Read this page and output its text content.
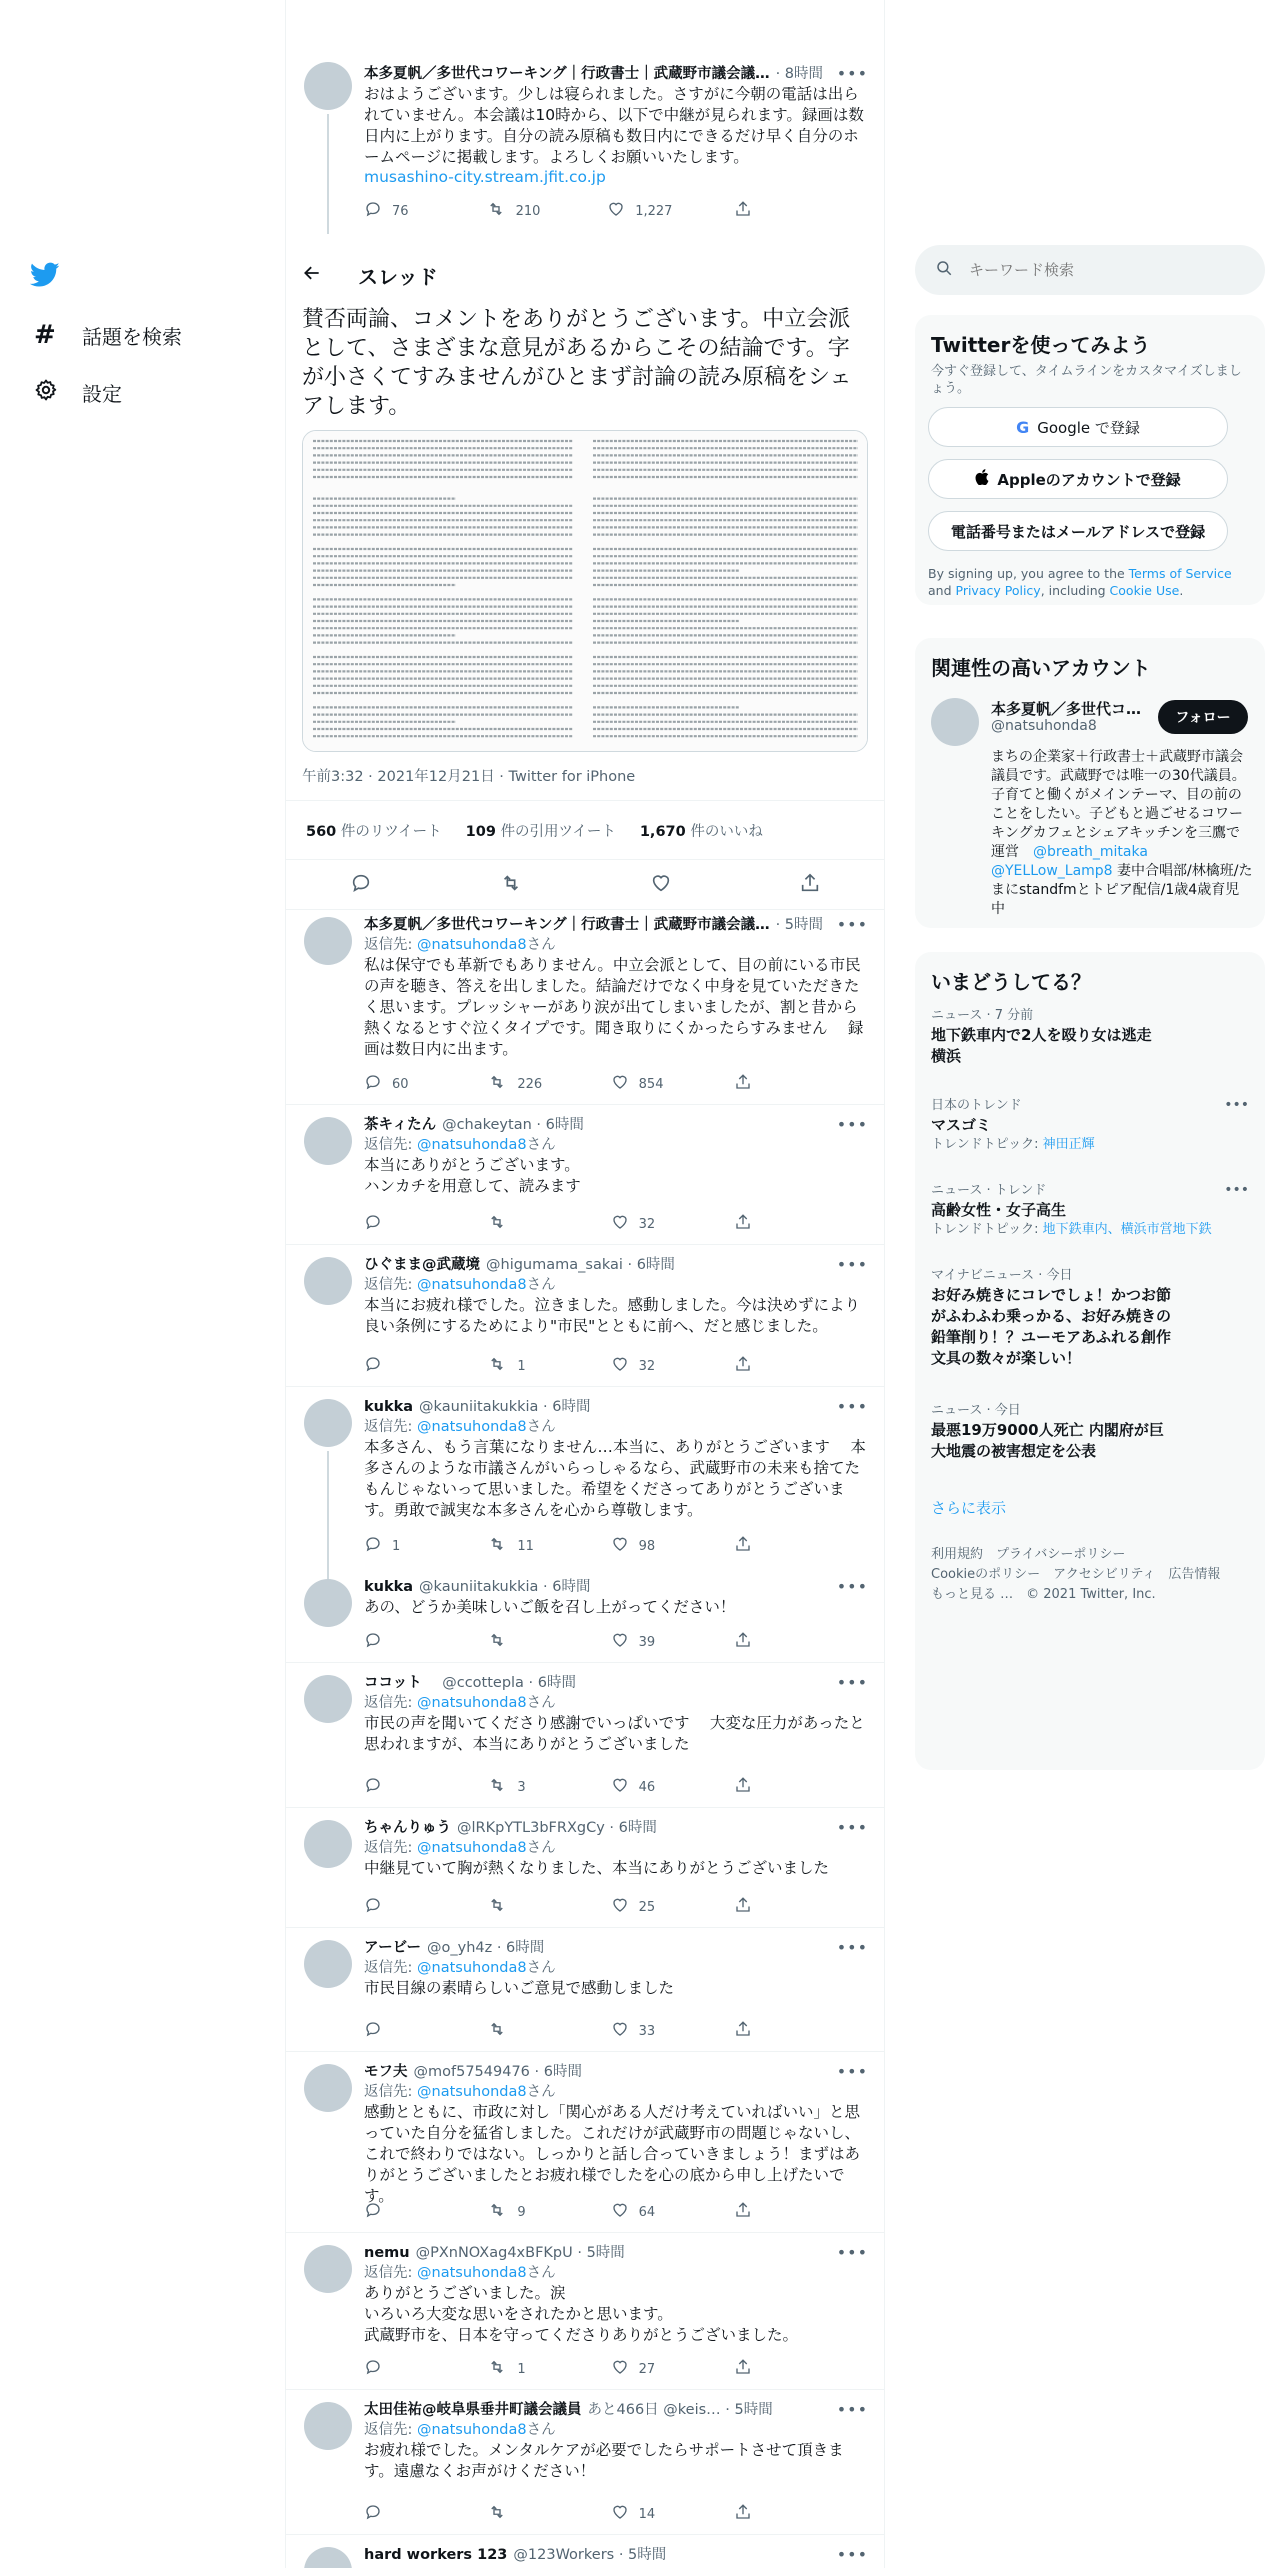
# 話題を検索
設定
本多夏帆／多世代コワーキング｜行政書士｜武蔵野市議会議… · 8時間 •••
おはようございます。少しは寝られました。さすがに今朝の電話は出られていません。本会議は10時から、以下で中継が見られます。録画は数日内に上がります。自分の読み原稿も数日内にできるだけ早く自分のホームページに掲載します。よろしくお願いいたします。
musashino-city.stream.jfit.co.jp
76	210	1,227
スレッド
賛否両論、コメントをありがとうございます。中立会派として、さまざまな意見があるからこその結論です。字が小さくてすみませんがひとまず討論の読み原稿をシェアします。
午前3:32 · 2021年12月21日 · Twitter for iPhone
560 件のリツイート 109 件の引用ツイート 1,670 件のいいね
本多夏帆／多世代コワーキング｜行政書士｜武蔵野市議会議… · 5時間 •••
返信先: @natsuhonda8さん
私は保守でも革新でもありません。中立会派として、目の前にいる市民の声を聴き、答えを出しました。結論だけでなく中身を見ていただきたく思います。プレッシャーがあり涙が出てしまいましたが、割と昔から熱くなるとすぐ泣くタイプです。聞き取りにくかったらすみません　 録画は数日内に出ます。
60	226	854
茶キィたん @chakeytan · 6時間	•••
返信先: @natsuhonda8さん
本当にありがとうございます。
ハンカチを用意して、読みます
32
ひぐまま@武蔵境 @higumama_sakai · 6時間	•••
返信先: @natsuhonda8さん
本当にお疲れ様でした。泣きました。感動しました。今は決めずにより良い条例にするためにより"市民"とともに前へ、だと感じました。
1	32
kukka @kauniitakukkia · 6時間	•••
返信先: @natsuhonda8さん
本多さん、もう言葉になりません…本当に、ありがとうございます　 本多さんのような市議さんがいらっしゃるなら、武蔵野市の未来も捨てたもんじゃないって思いました。希望をくださってありがとうございます。勇敢で誠実な本多さんを心から尊敬します。
1	11	98
kukka @kauniitakukkia · 6時間	•••
あの、どうか美味しいご飯を召し上がってください！
39
ココット 　@ccottepla · 6時間	•••
返信先: @natsuhonda8さん
市民の声を聞いてくださり感謝でいっぱいです　 大変な圧力があったと思われますが、本当にありがとうございました
3	46
ちゃんりゅう @lRKpYTL3bFRXgCy · 6時間	•••
返信先: @natsuhonda8さん
中継見ていて胸が熱くなりました、本当にありがとうございました
25
アービー @o_yh4z · 6時間	•••
返信先: @natsuhonda8さん
市民目線の素晴らしいご意見で感動しました
33
モフ夫 @mof57549476 · 6時間	•••
返信先: @natsuhonda8さん
感動とともに、市政に対し「関心がある人だけ考えていればいい」と思っていた自分を猛省しました。これだけが武蔵野市の問題じゃないし、これで終わりではない。しっかりと話し合っていきましょう！まずはありがとうございましたとお疲れ様でしたを心の底から申し上げたいです。
9	64
nemu @PXnNOXag4xBFKpU · 5時間	•••
返信先: @natsuhonda8さん
ありがとうございました。涙
いろいろ大変な思いをされたかと思います。
武蔵野市を、日本を守ってくださりありがとうございました。
1	27
太田佳祐@岐阜県垂井町議会議員 あと466日 @keis… · 5時間	•••
返信先: @natsuhonda8さん
お疲れ様でした。メンタルケアが必要でしたらサポートさせて頂きます。遠慮なくお声がけください！
14
hard workers 123 @123Workers · 5時間	•••
キーワード検索
Twitterを使ってみよう
今すぐ登録して、タイムラインをカスタマイズしましょう。
G Google で登録
Appleのアカウントで登録
電話番号またはメールアドレスで登録
By signing up, you agree to the Terms of Service and Privacy Policy, including Cookie Use.
関連性の高いアカウント
本多夏帆／多世代コ…
@natsuhonda8	フォロー
まちの企業家＋行政書士＋武蔵野市議会議員です。武蔵野では唯一の30代議員。子育てと働くがメインテーマ、目の前のことをしたい。子どもと過ごせるコワーキングカフェとシェアキッチンを三鷹で運営　@breath_mitaka @YELLow_Lamp8 妻中合唱部/林檎班/たまにstandfmとトピア配信/1歳4歳育児中
いまどうしてる？
ニュース · 7 分前
地下鉄車内で2人を殴り女は逃走 横浜
日本のトレンド
マスゴミ
トレンドトピック: 神田正輝
•••
ニュース · トレンド
高齢女性・女子高生
トレンドトピック: 地下鉄車内、横浜市営地下鉄
•••
マイナビニュース · 今日
お好み焼きにコレでしょ！かつお節がふわふわ乗っかる、お好み焼きの鉛筆削り！？ユーモアあふれる創作文具の数々が楽しい！
ニュース · 今日
最悪19万9000人死亡 内閣府が巨大地震の被害想定を公表
さらに表示
利用規約　プライバシーポリシー
Cookieのポリシー　アクセシビリティ　広告情報
もっと見る …　© 2021 Twitter, Inc.
